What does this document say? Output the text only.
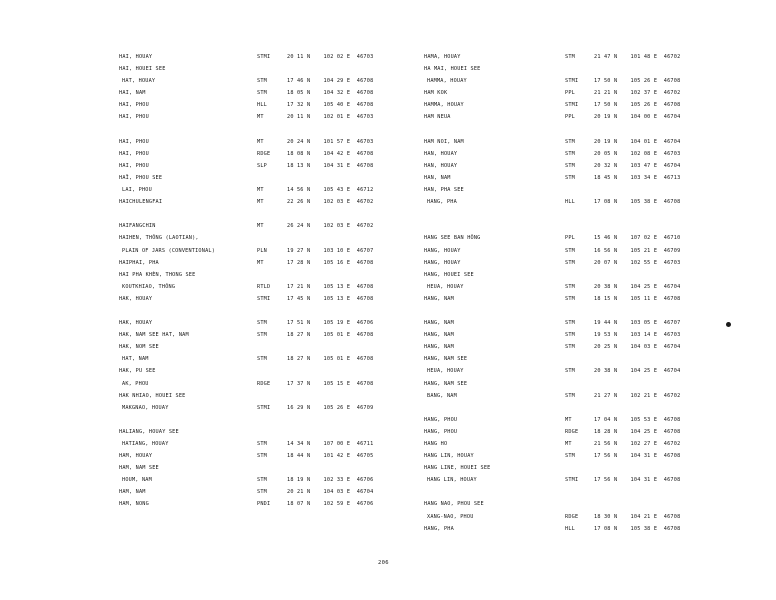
HAI, HOUAY	STMI	20 11 N    102 02 E  46703
HAI, HOUEI SEE
HAT, HOUAY	STM	17 46 N    104 29 E  46708
HAI, NAM	STM	18 05 N    104 32 E  46708
HAI, PHOU	HLL	17 32 N    105 40 E  46708
HAI, PHOU	MT	20 11 N    102 01 E  46703
HAI, PHOU	MT	20 24 N    101 57 E  46703
HAI, PHOU	RDGE	18 08 N    104 42 E  46708
HAI, PHOU	SLP	18 13 N    104 31 E  46708
HAÏ, PHOU SEE
LAI, PHOU	MT	14 56 N    105 43 E  46712
HAICHULENGFAI	MT	22 26 N    102 03 E  46702
HAIFANGCHIN	MT	26 24 N    102 03 E  46702
HAIHEN, THÔNG (LAOTIAN),
PLAIN OF JARS (CONVENTIONAL)	PLN	19 27 N    103 10 E  46707
HAIPHAI, PHA	MT	17 28 N    105 16 E  46708
HAI PHA KHÈN, THONG SEE
KOUTKHIAO, THÔNG	RTLD	17 21 N    105 13 E  46708
HAK, HOUAY	STMI	17 45 N    105 13 E  46708
HAK, HOUAY	STM	17 51 N    105 19 E  46706
HAK, NAM SEE HAT, NAM	STM	18 27 N    105 01 E  46708
HAK, NOM SEE
HAT, NAM	STM	18 27 N    105 01 E  46708
HAK, PU SEE
AK, PHOU	RDGE	17 37 N    105 15 E  46708
HAK NHIAO, HOUEI SEE
MAKGNAO, HOUAY	STMI	16 29 N    105 26 E  46709
HALIANG, HOUAY SEE
HATIANG, HOUAY	STM	14 34 N    107 00 E  46711
HAM, HOUAY	STM	18 44 N    101 42 E  46705
HAM, NAM SEE
HOUM, NAM	STM	18 19 N    102 33 E  46706
HAM, NAM	STM	20 21 N    104 03 E  46704
HAM, NONG	PNDI	18 07 N    102 59 E  46706
HAMA, HOUAY	STM	21 47 N    101 48 E  46702
HA MAI, HOUEI SEE
HAMMA, HOUAY	STMI	17 50 N    105 26 E  46708
HAM KOK	PPL	21 21 N    102 37 E  46702
HAMMA, HOUAY	STMI	17 50 N    105 26 E  46708
HAM NEUA	PPL	20 19 N    104 00 E  46704
HAM NOI, NAM	STM	20 19 N    104 01 E  46704
HAN, HOUAY	STM	20 05 N    102 08 E  46703
HAN, HOUAY	STM	20 32 N    103 47 E  46704
HAN, NAM	STM	18 45 N    103 34 E  46713
HAN, PHA SEE
HANG, PHA	HLL	17 08 N    105 38 E  46708
HANG SEE BAN HÔNG	PPL	15 46 N    107 02 E  46710
HANG, HOUAY	STM	16 56 N    105 21 E  46709
HANG, HOUAY	STM	20 07 N    102 55 E  46703
HANG, HOUEI SEE
HEUA, HOUAY	STM	20 38 N    104 25 E  46704
HANG, NAM	STM	18 15 N    105 11 E  46708
HANG, NAM	STM	19 44 N    103 05 E  46707
HANG, NAM	STM	19 53 N    103 14 E  46703
HANG, NAM	STM	20 25 N    104 03 E  46704
HANG, NAM SEE
HEUA, HOUAY	STM	20 38 N    104 25 E  46704
HANG, NAM SEE
BANG, NAM	STM	21 27 N    102 21 E  46702
HANG, PHOU	MT	17 04 N    105 53 E  46708
HANG, PHOU	RDGE	18 28 N    104 25 E  46708
HANG HO	MT	21 56 N    102 27 E  46702
HANG LIN, HOUAY	STM	17 56 N    104 31 E  46708
HANG LINE, HOUEI SEE
HANG LIN, HOUAY	STMI	17 56 N    104 31 E  46708
HANG NAO, PHOU SEE
XANG-NAO, PHOU	RDGE	18 30 N    104 21 E  46708
HANG, PHA	HLL	17 08 N    105 38 E  46708
206
